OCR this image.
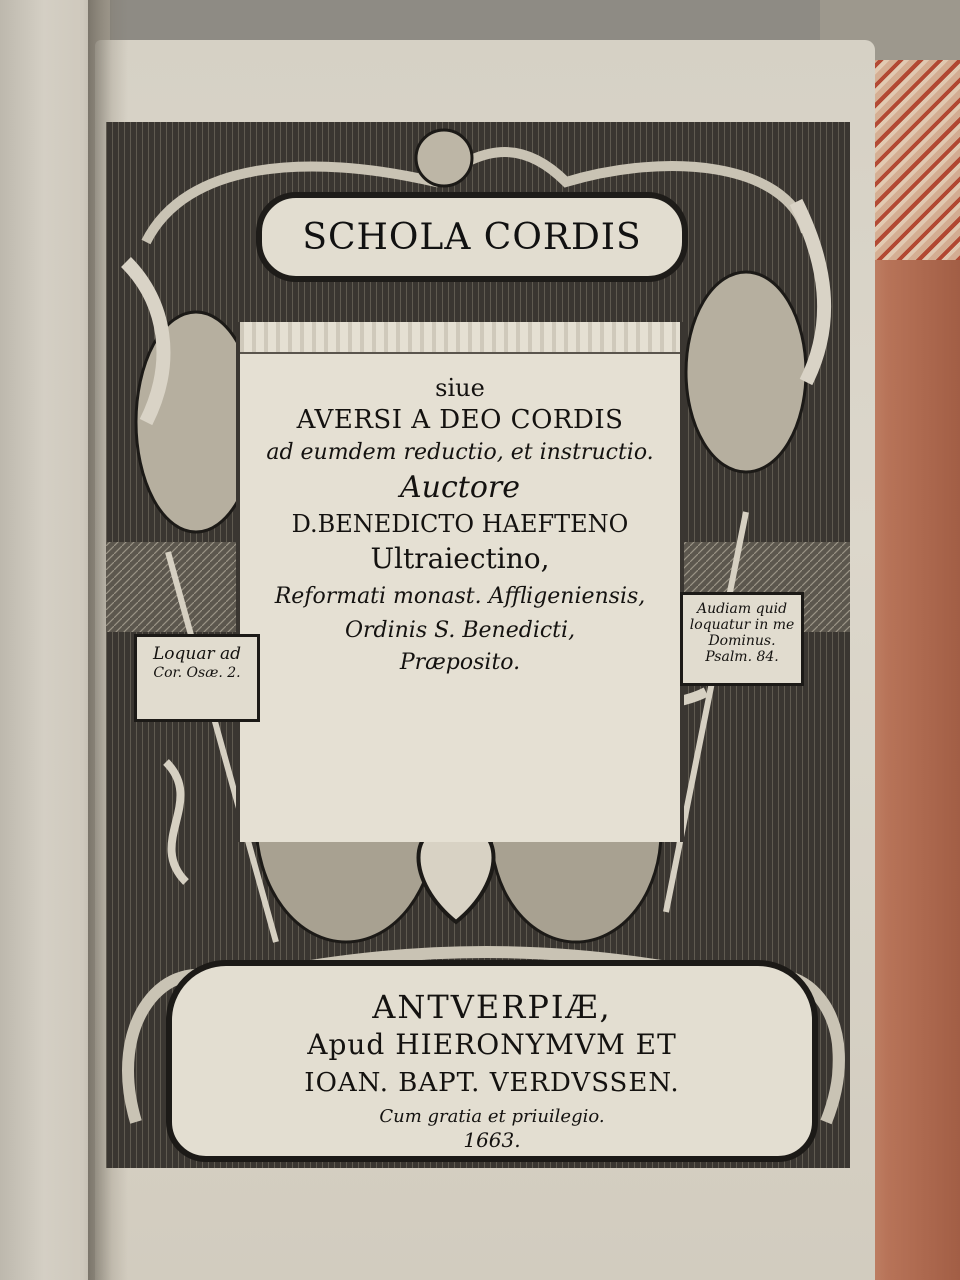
SCHOLA CORDIS
siue
AVERSI A DEO CORDIS
ad eumdem reductio, et instructio.
Auctore
D.BENEDICTO HAEFTENO
Ultraiectino,
Reformati monast. Affligeniensis,
Ordinis S. Benedicti,
Præposito.
Loquar ad
Cor. Osæ. 2.
Audiam quid
loquatur in me
Dominus.
Psalm. 84.
ANTVERPIÆ,
Apud HIERONYMVM ET
IOAN. BAPT. VERDVSSEN.
Cum gratia et priuilegio.
1663.
